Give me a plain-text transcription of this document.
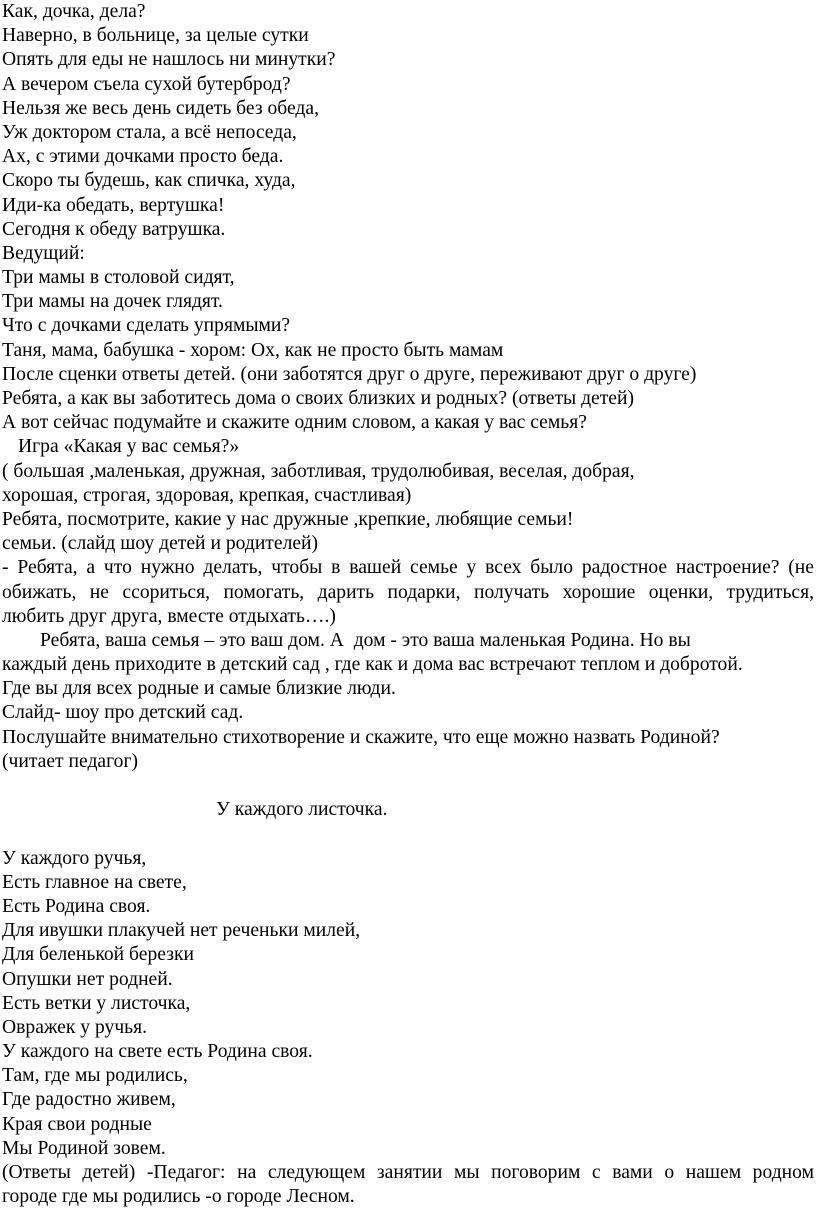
Как, дочка, дела?
Наверно, в больнице, за целые сутки
Опять для еды не нашлось ни минутки?
А вечером съела сухой бутерброд?
Нельзя же весь день сидеть без обеда,
Уж доктором стала, а всё непоседа,
Ах, с этими дочками просто беда.
Скоро ты будешь, как спичка, худа,
Иди-ка обедать, вертушка!
Сегодня к обеду ватрушка.
Ведущий:
Три мамы в столовой сидят,
Три мамы на дочек глядят.
Что с дочками сделать упрямыми?
Таня, мама, бабушка - хором: Ох, как не просто быть мамам
После сценки ответы детей. (они заботятся друг о друге, переживают друг о друге)
Ребята, а как вы заботитесь дома о своих близких и родных? (ответы детей)
А вот сейчас подумайте и скажите одним словом, а какая у вас семья?
Игра «Какая у вас семья?»
( большая ,маленькая, дружная, заботливая, трудолюбивая, веселая, добрая,
хорошая, строгая, здоровая, крепкая, счастливая)
Ребята, посмотрите, какие у нас дружные ,крепкие, любящие семьи!
семьи. (слайд шоу детей и родителей)
- Ребята, а что нужно делать, чтобы в вашей семье у всех было радостное настроение? (не
обижать, не ссориться, помогать, дарить подарки, получать хорошие оценки, трудиться,
любить друг друга, вместе отдыхать….)
Ребята, ваша семья – это ваш дом. А  дом - это ваша маленькая Родина. Но вы
каждый день приходите в детский сад , где как и дома вас встречают теплом и добротой.
Где вы для всех родные и самые близкие люди.
Слайд- шоу про детский сад.
Послушайте внимательно стихотворение и скажите, что еще можно назвать Родиной?
(читает педагог)
У каждого листочка.
У каждого ручья,
Есть главное на свете,
Есть Родина своя.
Для ивушки плакучей нет реченьки милей,
Для беленькой березки
Опушки нет родней.
Есть ветки у листочка,
Овражек у ручья.
У каждого на свете есть Родина своя.
Там, где мы родились,
Где радостно живем,
Края свои родные
Мы Родиной зовем.
(Ответы детей) -Педагог: на следующем занятии мы поговорим с вами о нашем родном
городе где мы родились -о городе Лесном.
